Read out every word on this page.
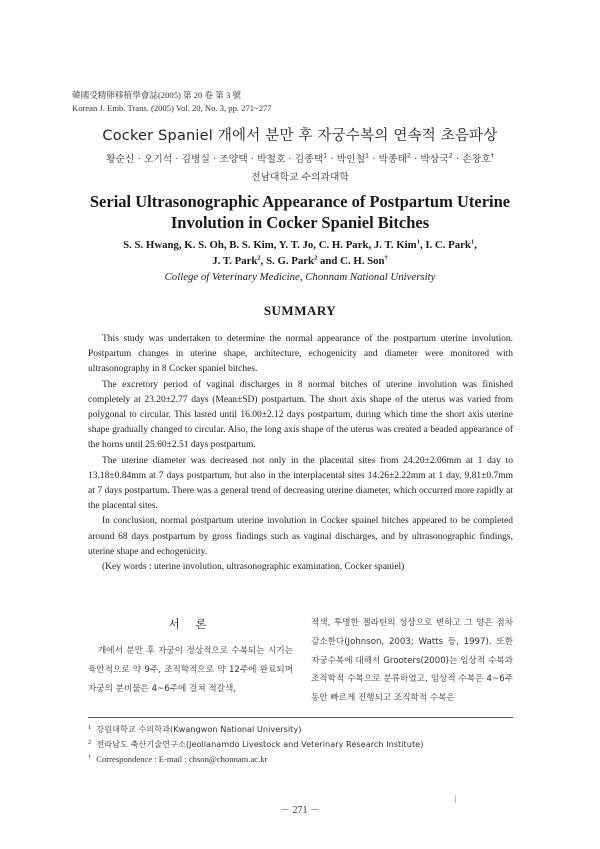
韓國受精卵移植學會誌(2005) 第 20 卷 第 3 號
Korean J. Emb. Trans. (2005) Vol. 20, No. 3, pp. 271~277
Cocker Spaniel 개에서 분만 후 자궁수복의 연속적 초음파상
황순신 · 오기석 · 김병실 · 조양택 · 박철호 · 김종택$^1$ · 박인철$^1$ · 박종태$^2$ · 박상국$^2$ · 손창호†
전남대학교 수의과대학
Serial Ultrasonographic Appearance of Postpartum Uterine
Involution in Cocker Spaniel Bitches
S. S. Hwang, K. S. Oh, B. S. Kim, Y. T. Jo, C. H. Park, J. T. Kim$^1$, I. C. Park$^1$,
J. T. Park$^2$, S. G. Park$^2$ and C. H. Son†
College of Veterinary Medicine, Chonnam National University
SUMMARY

This study was undertaken to determine the normal appearance of the postpartum uterine involution. Postpartum changes in uterine shape, architecture, echogenicity and diameter were monitored with ultrasonography in 8 Cocker spaniel bitches.

The excretory period of vaginal discharges in 8 normal bitches of uterine involution was finished completely at 23.20±2.77 days (Mean±SD) postpartum. The short axis shape of the uterus was varied from polygonal to circular. This lasted until 16.00±2.12 days postpartum, during which time the short axis uterine shape gradually changed to circular. Also, the long axis shape of the uterus was created a beaded appearance of the horns until 25.60±2.51 days postpartum.

The uterine diameter was decreased not only in the placental sites from 24.20±2.06mm at 1 day to 13.18±0.84mm at 7 days postpartum, but also in the interplacental sites 14.26±2.22mm at 1 day, 9.81±0.7mm at 7 days postpartum. There was a general trend of decreasing uterine diameter, which occurred more rapidly at the placental sites.

In conclusion, normal postpartum uterine involution in Cocker spainel bitches appeared to be completed around 68 days postpartum by gross findings such as vaginal discharges, and by ultrasonographic findings, uterine shape and echogenicity.

(Key words : uterine involution, ultrasonographic examination, Cocker spaniel)

서 론

개에서 분만 후 자궁이 정상적으로 수복되는 시기는 육안적으로 약 9주, 조직학적으로 약 12주에 완료되며 자궁의 분비물은 4~6주에 걸쳐 적갈색,

적색, 투명한 젤라틴의 성상으로 변하고 그 양은 점차 감소한다(Johnson, 2003; Watts 등, 1997). 또한 자궁수복에 대해서 Grooters(2000)는 임상적 수복과 조직학적 수복으로 분류하였고, 임상적 수복은 4~6주 동안 빠르게 진행되고 조직학적 수복은

$^1$ 강원대학교 수의학과(Kwangwon National University)
$^2$ 전라남도 축산기술연구소(Jeollanamdo Livestock and Veterinary Research Institute)
† Correspondence : E-mail : chson@chonnam.ac.kr
－ 271 －
